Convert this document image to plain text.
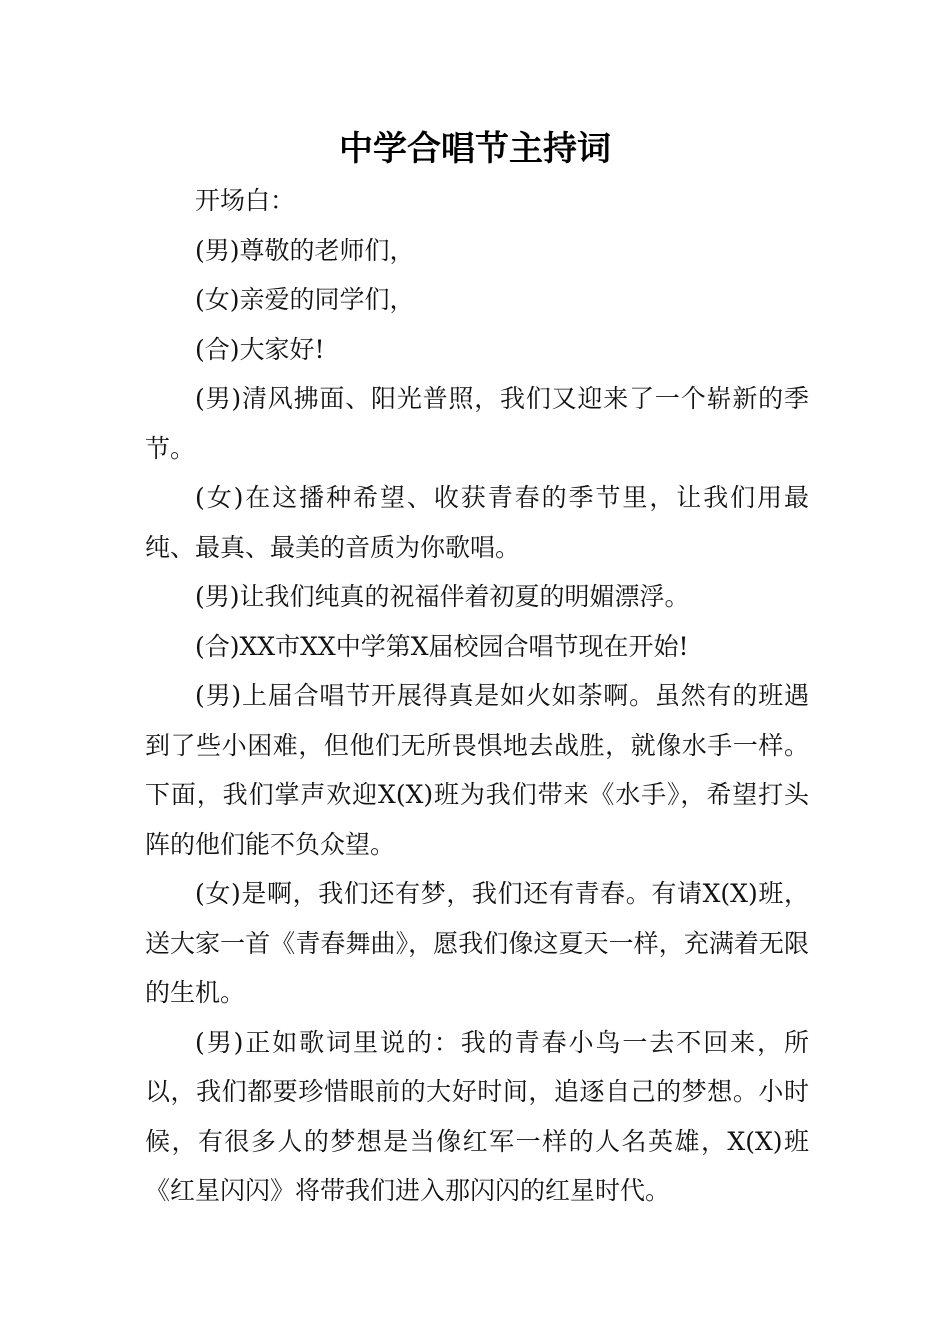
中学合唱节主持词

开场白：

(男)尊敬的老师们，

(女)亲爱的同学们，

(合)大家好!

(男)清风拂面、阳光普照，我们又迎来了一个崭新的季节。

(女)在这播种希望、收获青春的季节里，让我们用最纯、最真、最美的音质为你歌唱。

(男)让我们纯真的祝福伴着初夏的明媚漂浮。

(合)XX市XX中学第X届校园合唱节现在开始!

(男)上届合唱节开展得真是如火如荼啊。虽然有的班遇到了些小困难，但他们无所畏惧地去战胜，就像水手一样。下面，我们掌声欢迎X(X)班为我们带来《水手》，希望打头阵的他们能不负众望。

(女)是啊，我们还有梦，我们还有青春。有请X(X)班，送大家一首《青春舞曲》，愿我们像这夏天一样，充满着无限的生机。

(男)正如歌词里说的：我的青春小鸟一去不回来，所以，我们都要珍惜眼前的大好时间，追逐自己的梦想。小时候，有很多人的梦想是当像红军一样的人名英雄，X(X)班《红星闪闪》将带我们进入那闪闪的红星时代。
